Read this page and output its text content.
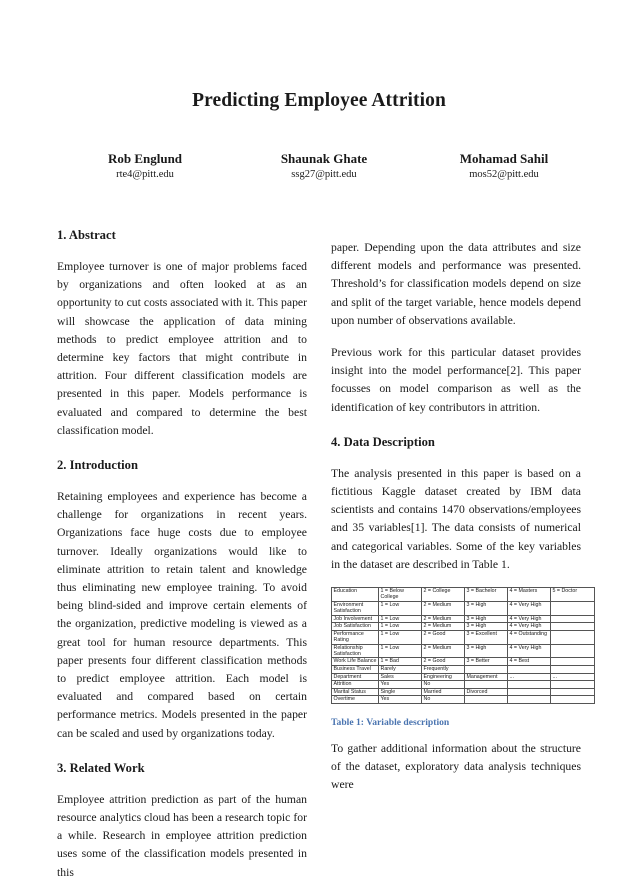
Predicting Employee Attrition
Rob Englund
rte4@pitt.edu
Shaunak Ghate
ssg27@pitt.edu
Mohamad Sahil
mos52@pitt.edu
1. Abstract

Employee turnover is one of major problems faced by organizations and often looked at as an opportunity to cut costs associated with it. This paper will showcase the application of data mining methods to predict employee attrition and to determine key factors that might contribute in attrition. Four different classification models are presented in this paper. Models performance is evaluated and compared to determine the best classification model.

2. Introduction

Retaining employees and experience has become a challenge for organizations in recent years. Organizations face huge costs due to employee turnover. Ideally organizations would like to eliminate attrition to retain talent and knowledge thus eliminating new employee training. To avoid being blind-sided and improve certain elements of the organization, predictive modeling is viewed as a great tool for human resource departments. This paper presents four different classification methods to predict employee attrition. Each model is evaluated and compared based on certain performance metrics. Models presented in the paper can be scaled and used by organizations today.

3. Related Work

Employee attrition prediction as part of the human resource analytics cloud has been a research topic for a while. Research in employee attrition prediction uses some of the classification models presented in this

paper. Depending upon the data attributes and size different models and performance was presented. Threshold’s for classification models depend on size and split of the target variable, hence models depend upon number of observations available.

Previous work for this particular dataset provides insight into the model performance[2]. This paper focusses on model comparison as well as the identification of key contributors in attrition.

4. Data Description

The analysis presented in this paper is based on a fictitious Kaggle dataset created by IBM data scientists and contains 1470 observations/employees and 35 variables[1]. The data consists of numerical and categorical variables. Some of the key variables in the dataset are described in Table 1.

Education	1 = Below College	2 = College	3 = Bachelor	4 = Masters	5 = Doctor
Environment Satisfaction	1 = Low	2 = Medium	3 = High	4 = Very High	
Job Involvement	1 = Low	2 = Medium	3 = High	4 = Very High	
Job Satisfaction	1 = Low	2 = Medium	3 = High	4 = Very High	
Performance Rating	1 = Low	2 = Good	3 = Excellent	4 = Outstanding	
Relationship Satisfaction	1 = Low	2 = Medium	3 = High	4 = Very High	
Work Life Balance	1 = Bad	2 = Good	3 = Better	4 = Best	
Business Travel	Rarely	Frequently			
Department	Sales	Engineering	Management	...	...
Attrition	Yes	No			
Marital Status	Single	Married	Divorced		
Overtime	Yes	No			
Table 1: Variable description

To gather additional information about the structure of the dataset, exploratory data analysis techniques were
